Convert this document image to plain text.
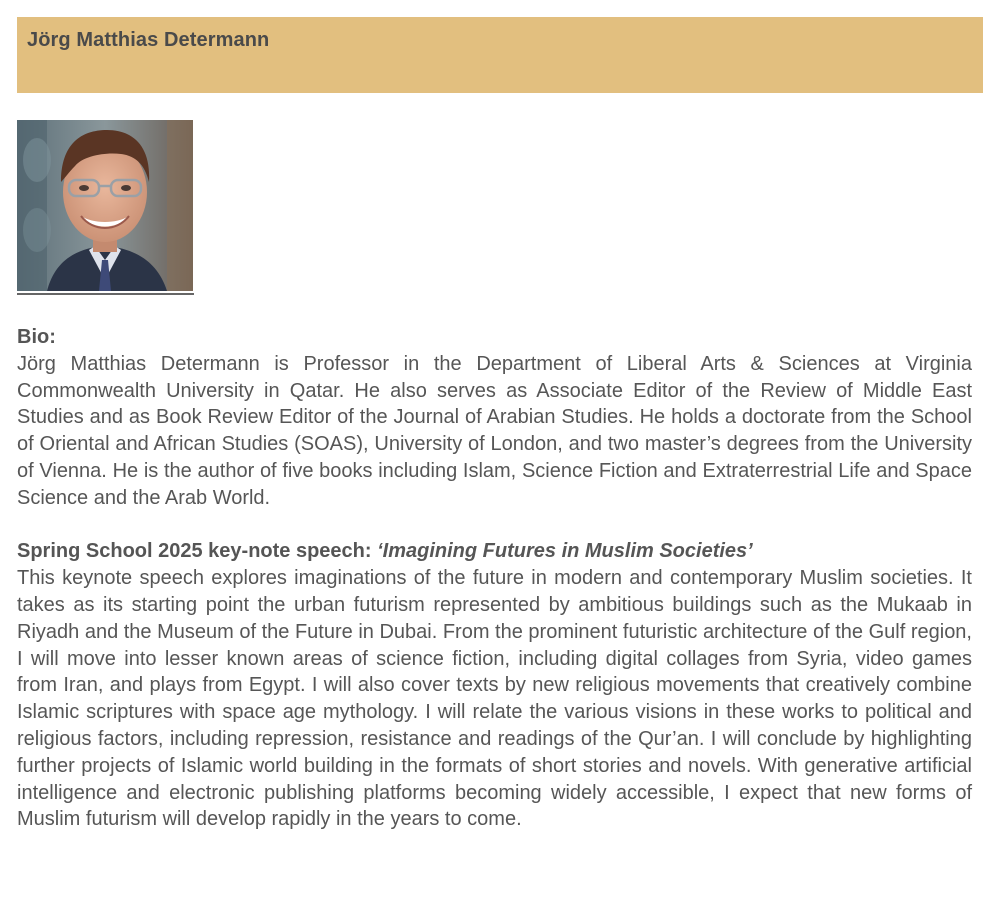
Jörg Matthias Determann
Bio:

Jörg Matthias Determann is Professor in the Department of Liberal Arts & Sciences at Virginia Commonwealth University in Qatar. He also serves as Associate Editor of the Review of Middle East Studies and as Book Review Editor of the Journal of Arabian Studies. He holds a doctorate from the School of Oriental and African Studies (SOAS), University of London, and two master’s degrees from the University of Vienna. He is the author of five books including Islam, Science Fiction and Extraterrestrial Life and Space Science and the Arab World.

Spring School 2025 key-note speech: ‘Imagining Futures in Muslim Societies’

This keynote speech explores imaginations of the future in modern and contemporary Muslim societies. It takes as its starting point the urban futurism represented by ambitious buildings such as the Mukaab in Riyadh and the Museum of the Future in Dubai. From the prominent futuristic architecture of the Gulf region, I will move into lesser known areas of science fiction, including digital collages from Syria, video games from Iran, and plays from Egypt. I will also cover texts by new religious movements that creatively combine Islamic scriptures with space age mythology. I will relate the various visions in these works to political and religious factors, including repression, resistance and readings of the Qur’an. I will conclude by highlighting further projects of Islamic world building in the formats of short stories and novels. With generative artificial intelligence and electronic publishing platforms becoming widely accessible, I expect that new forms of Muslim futurism will develop rapidly in the years to come.
